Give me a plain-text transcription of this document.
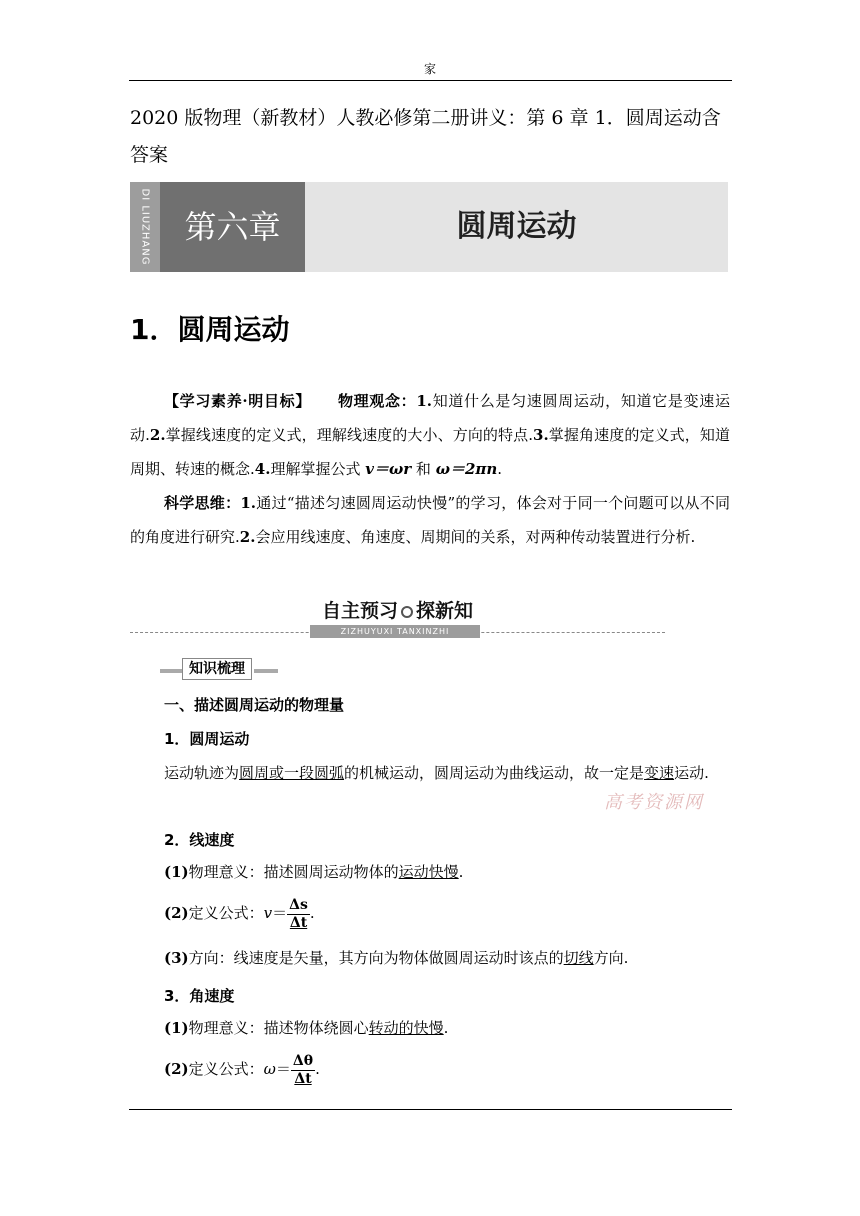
家
2020 版物理（新教材）人教必修第二册讲义：第 6 章 1．圆周运动含答案
DI LIUZHANG	第六章	圆周运动
1．圆周运动
【学习素养·明目标】 物理观念：1.知道什么是匀速圆周运动，知道它是变速运动.2.掌握线速度的定义式，理解线速度的大小、方向的特点.3.掌握角速度的定义式，知道周期、转速的概念.4.理解掌握公式 v＝ωr 和 ω＝2πn.
科学思维：1.通过“描述匀速圆周运动快慢”的学习，体会对于同一个问题可以从不同的角度进行研究.2.会应用线速度、角速度、周期间的关系，对两种传动装置进行分析.
自主预习 探新知
ZIZHUYUXI TANXINZHI
知识梳理
一、描述圆周运动的物理量
1．圆周运动
运动轨迹为圆周或一段圆弧的机械运动，圆周运动为曲线运动，故一定是变速运动.
高考资源网
2．线速度
(1)物理意义：描述圆周运动物体的运动快慢.
(2)定义公式：$v= \frac{\Delta s}{\Delta t}$ .
(3)方向：线速度是矢量，其方向为物体做圆周运动时该点的切线方向.
3．角速度
(1)物理意义：描述物体绕圆心转动的快慢.
(2)定义公式：$\omega= \frac{\Delta\theta}{\Delta t}$ .
